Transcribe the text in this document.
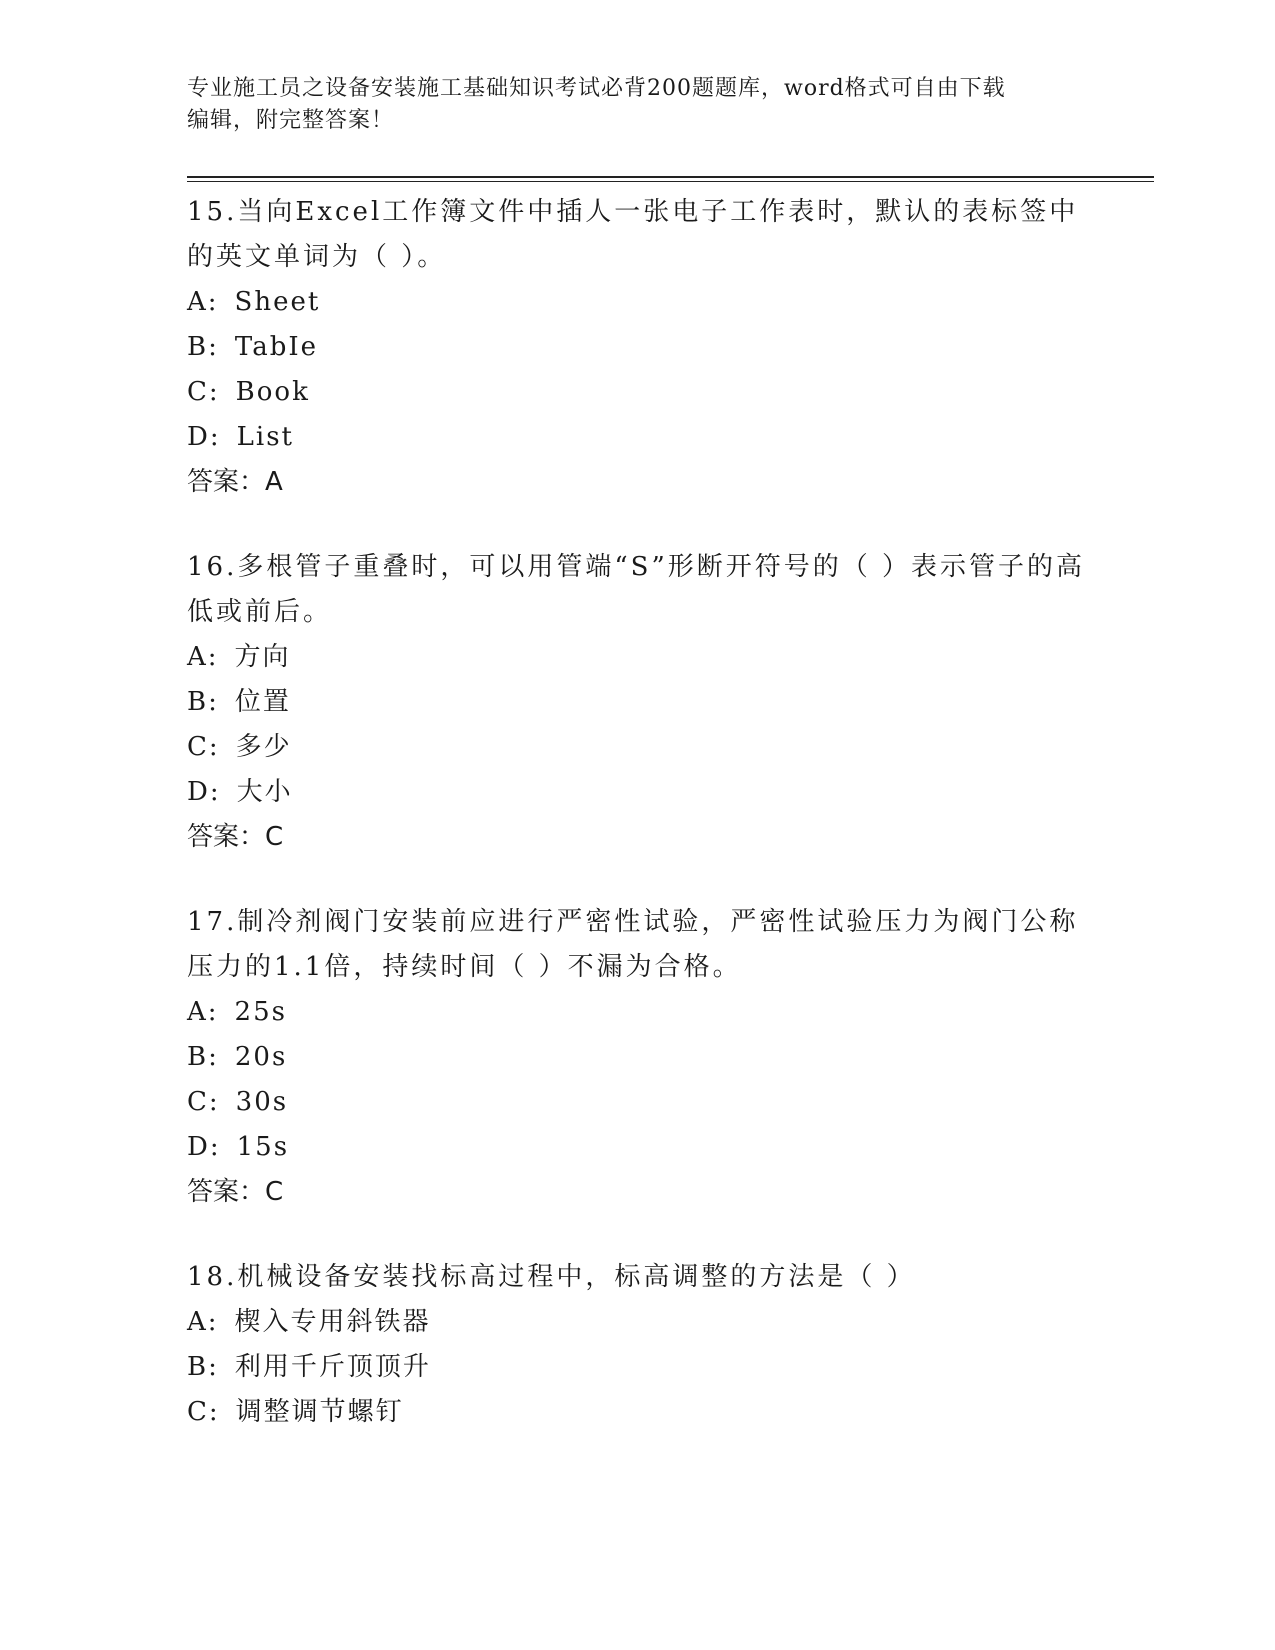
专业施工员之设备安装施工基础知识考试必背200题题库，word格式可自由下载
编辑，附完整答案！

15.当向Excel工作簿文件中插人一张电子工作表时，默认的表标签中的英文单词为（ ）。

A: Sheet

B: TabIe

C: Book

D: List

答案：A

16.多根管子重叠时，可以用管端“S”形断开符号的（ ）表示管子的高低或前后。

A: 方向

B: 位置

C: 多少

D: 大小

答案：C

17.制冷剂阀门安装前应进行严密性试验，严密性试验压力为阀门公称压力的1.1倍，持续时间（ ）不漏为合格。

A: 25s

B: 20s

C: 30s

D: 15s

答案：C

18.机械设备安装找标高过程中，标高调整的方法是（ ）

A: 楔入专用斜铁器

B: 利用千斤顶顶升

C: 调整调节螺钉
